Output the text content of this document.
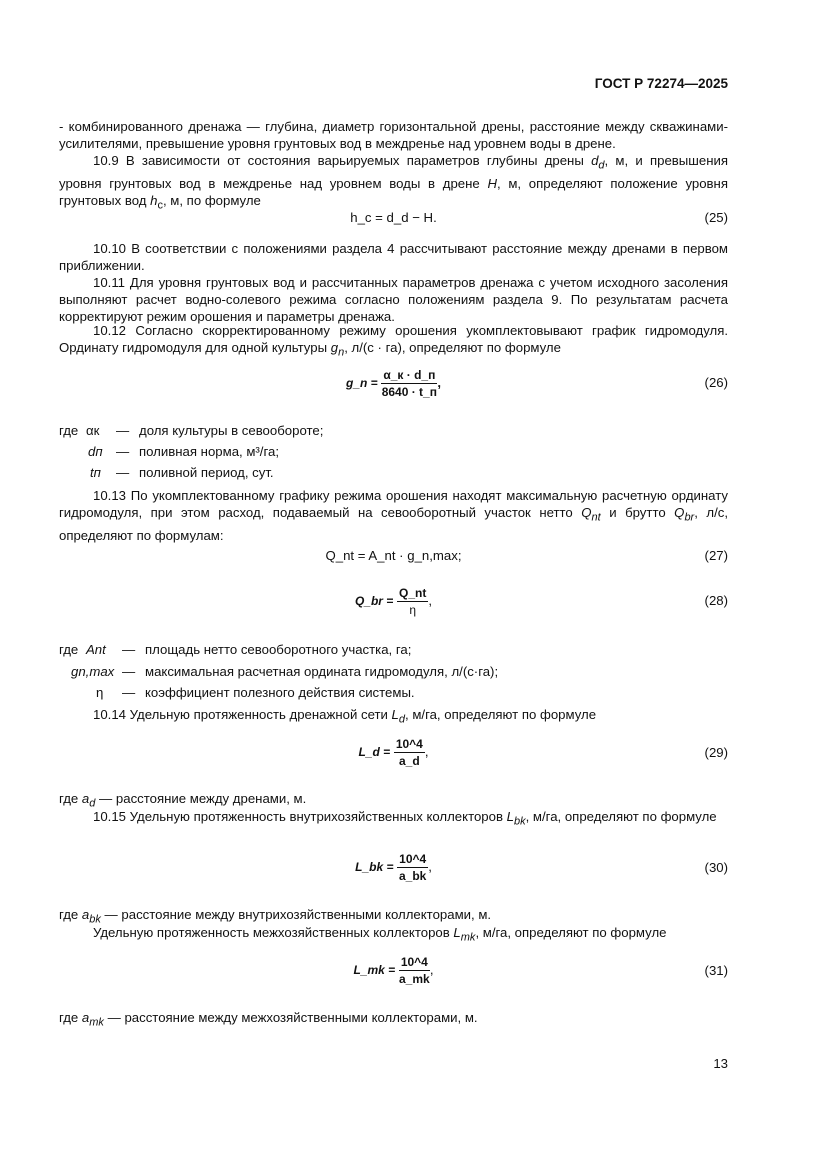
ГОСТ Р 72274—2025

- комбинированного дренажа — глубина, диаметр горизонтальной дрены, расстояние между скважинами-усилителями, превышение уровня грунтовых вод в междренье над уровнем воды в дрене.

10.9 В зависимости от состояния варьируемых параметров глубины дрены $d_d$, м, и превышения уровня грунтовых вод в междренье над уровнем воды в дрене H, м, определяют положение уровня грунтовых вод $h_c$, м, по формуле

h_c = d_d − H.	(25)

10.10 В соответствии с положениями раздела 4 рассчитывают расстояние между дренами в первом приближении.

10.11 Для уровня грунтовых вод и рассчитанных параметров дренажа с учетом исходного засоления выполняют расчет водно-солевого режима согласно положениям раздела 9. По результатам расчета корректируют режим орошения и параметры дренажа.

10.12 Согласно скорректированному режиму орошения укомплектовывают график гидромодуля. Ординату гидромодуля для одной культуры $g_n$, л/(с · га), определяют по формуле

g_n = $\frac{\alpha\_к \cdot d\_п}{8640 \cdot t\_п}$ ,	(26)
где αк — доля культуры в севообороте;
dп — поливная норма, м³/га;
tп — поливной период, сут.

10.13 По укомплектованному графику режима орошения находят максимальную расчетную ординату гидромодуля, при этом расход, подаваемый на севооборотный участок нетто $Q_{nt}$ и брутто $Q_{br}$, л/с, определяют по формулам:

Q_nt = A_nt · g_n,max;	(27)
Q_br = $\frac{Q\_nt}{\eta}$ ,	(28)
где Ant — площадь нетто севооборотного участка, га;
gn,max — максимальная расчетная ордината гидромодуля, л/(с·га);
η — коэффициент полезного действия системы.

10.14 Удельную протяженность дренажной сети $L_d$, м/га, определяют по формуле

L_d = $\frac{10\^{}4}{a\_d}$ ,	(29)

где $a_d$ — расстояние между дренами, м.

10.15 Удельную протяженность внутрихозяйственных коллекторов $L_{bk}$, м/га, определяют по формуле

L_bk = $\frac{10\^{}4}{a\_bk}$ ,	(30)

где $a_{bk}$ — расстояние между внутрихозяйственными коллекторами, м.

Удельную протяженность межхозяйственных коллекторов $L_{mk}$, м/га, определяют по формуле

L_mk = $\frac{10\^{}4}{a\_mk}$ ,	(31)

где $a_{mk}$ — расстояние между межхозяйственными коллекторами, м.

13
